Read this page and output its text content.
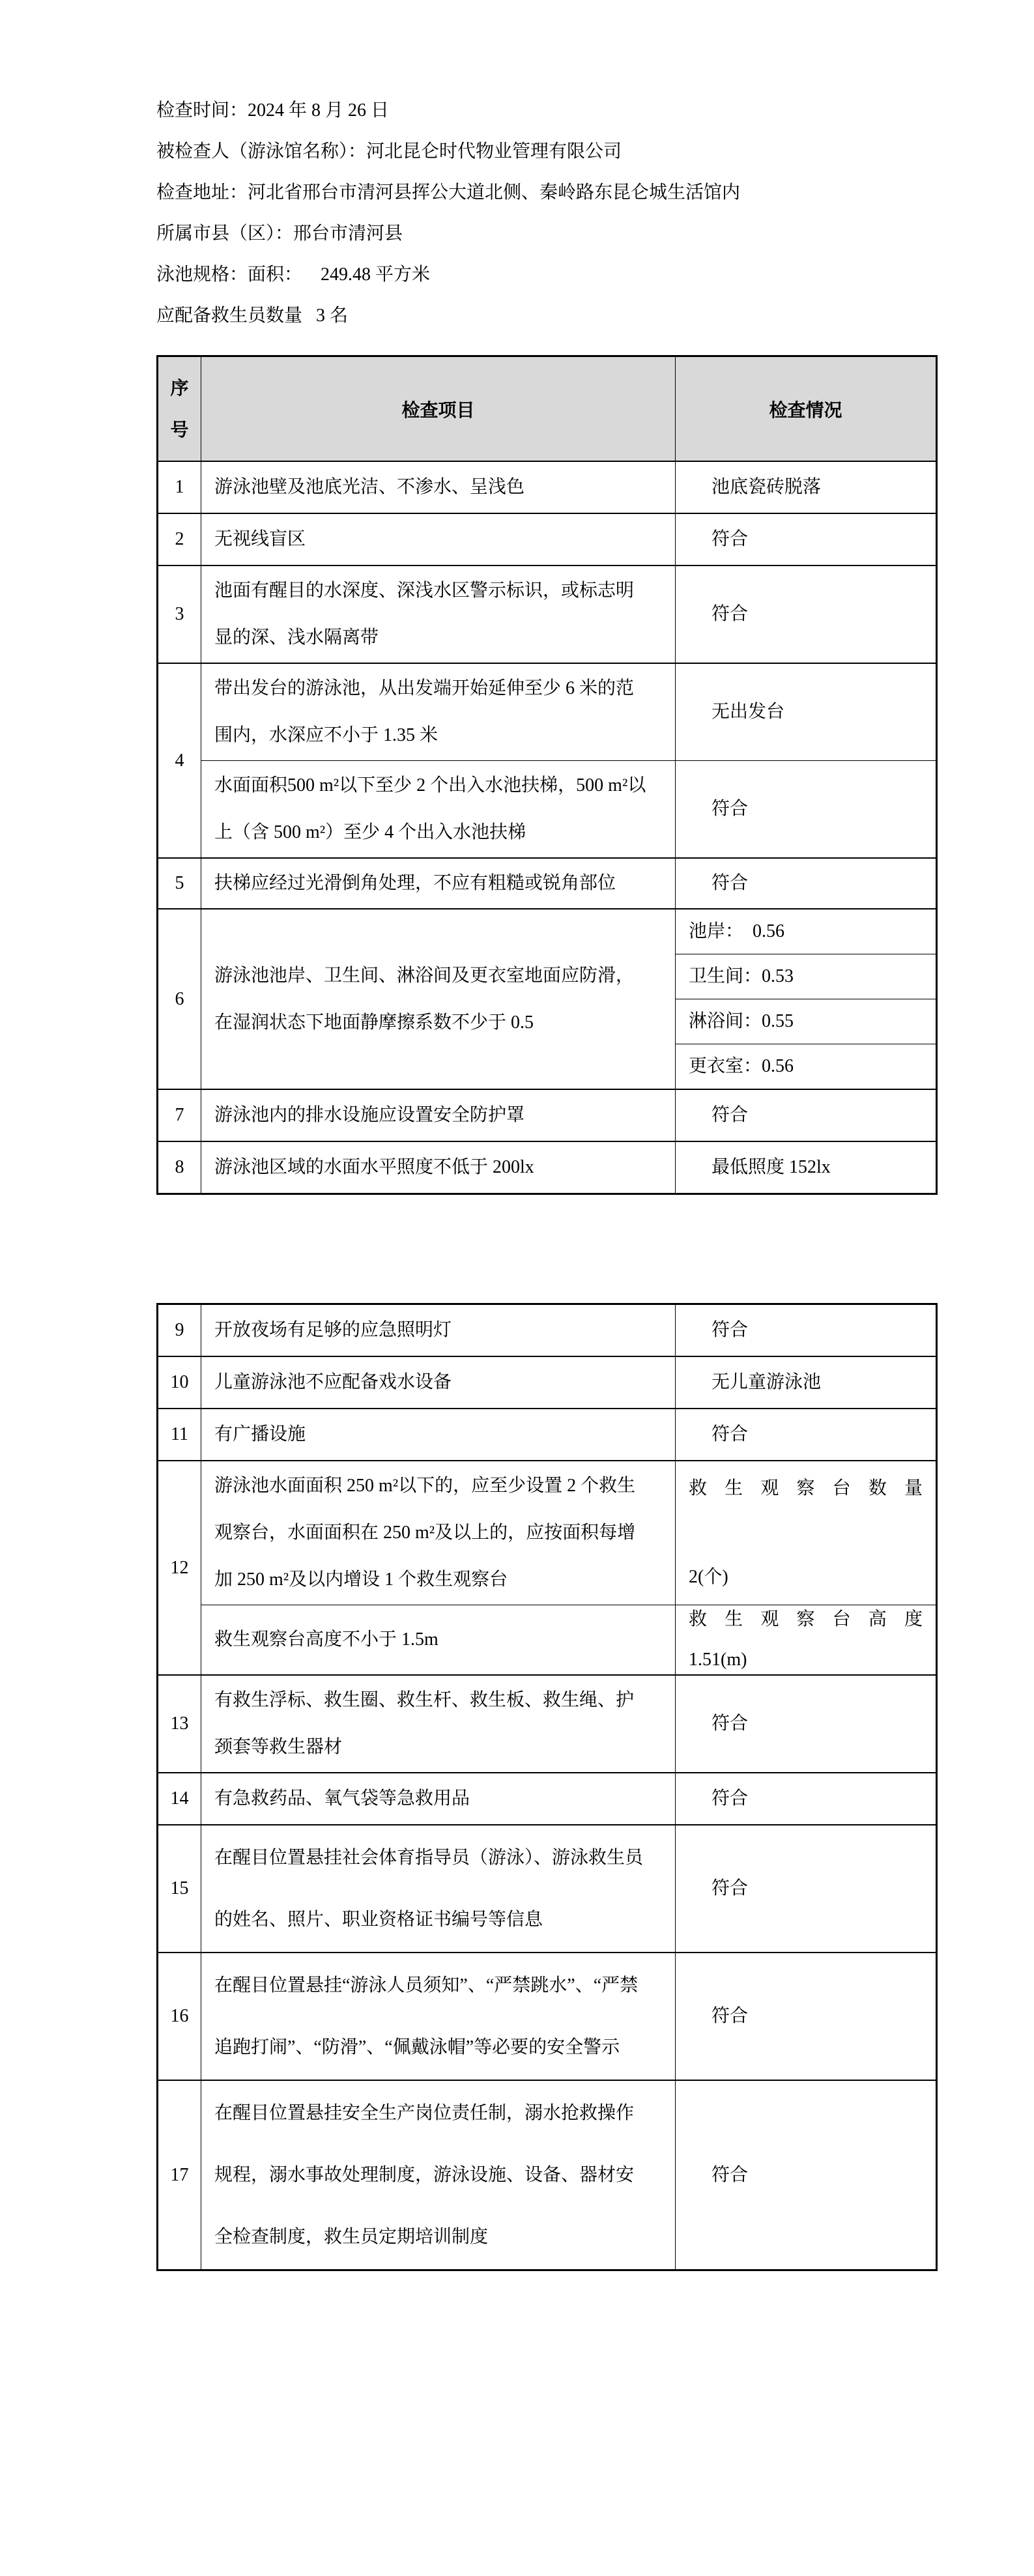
检查时间：2024 年 8 月 26 日
被检查人（游泳馆名称）：河北昆仑时代物业管理有限公司
检查地址：河北省邢台市清河县挥公大道北侧、秦岭路东昆仑城生活馆内
所属市县（区）：邢台市清河县
泳池规格：面积：    249.48 平方米
应配备救生员数量   3 名
序
号	检查项目	检查情况
1	游泳池壁及池底光洁、不渗水、呈浅色	池底瓷砖脱落
2	无视线盲区	符合
3	池面有醒目的水深度、深浅水区警示标识，或标志明显的深、浅水隔离带	符合
4	带出发台的游泳池，从出发端开始延伸至少 6 米的范围内，水深应不小于 1.35 米	无出发台
	水面面积500 m²以下至少 2 个出入水池扶梯，500 m²以上（含 500 m²）至少 4 个出入水池扶梯	符合
5	扶梯应经过光滑倒角处理，不应有粗糙或锐角部位	符合
6	游泳池池岸、卫生间、淋浴间及更衣室地面应防滑，在湿润状态下地面静摩擦系数不少于 0.5	池岸：  0.56
		卫生间：0.53
		淋浴间：0.55
		更衣室：0.56
7	游泳池内的排水设施应设置安全防护罩	符合
8	游泳池区域的水面水平照度不低于 200lx	最低照度 152lx
9	开放夜场有足够的应急照明灯	符合
10	儿童游泳池不应配备戏水设备	无儿童游泳池
11	有广播设施	符合
12	游泳池水面面积 250 m²以下的，应至少设置 2 个救生观察台，水面面积在 250 m²及以上的，应按面积每增加 250 m²及以内增设 1 个救生观察台	救生观察台数量
2(个)

	救生观察台高度不小于 1.5m	救生观察台高度
1.51(m)

13	有救生浮标、救生圈、救生杆、救生板、救生绳、护颈套等救生器材	符合
14	有急救药品、氧气袋等急救用品	符合
15	在醒目位置悬挂社会体育指导员（游泳）、游泳救生员的姓名、照片、职业资格证书编号等信息	符合
16	在醒目位置悬挂“游泳人员须知”、“严禁跳水”、“严禁追跑打闹”、“防滑”、“佩戴泳帽”等必要的安全警示	符合
17	在醒目位置悬挂安全生产岗位责任制，溺水抢救操作规程，溺水事故处理制度，游泳设施、设备、器材安全检查制度，救生员定期培训制度	符合
